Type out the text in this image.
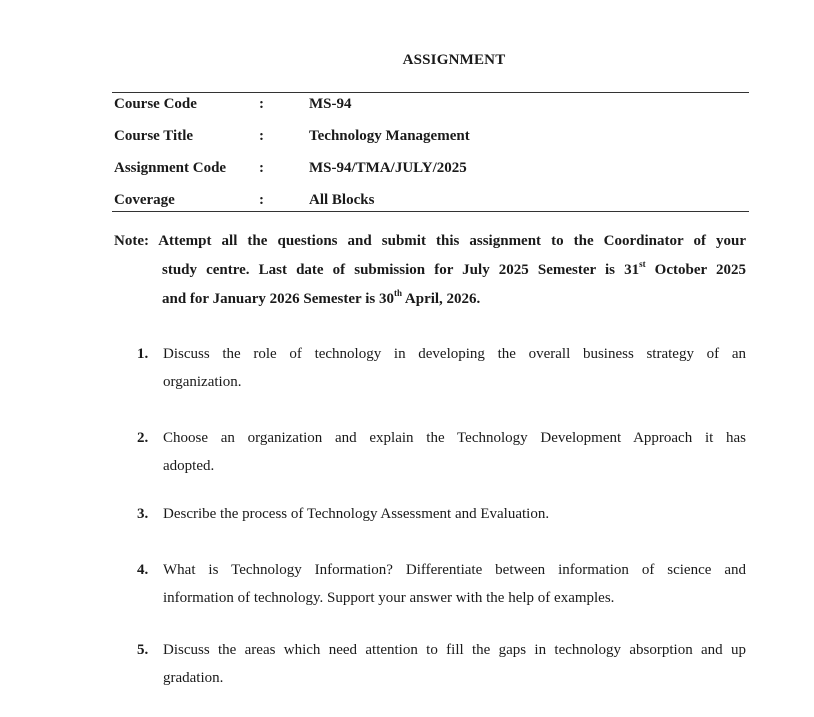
ASSIGNMENT
Course Code	:	MS-94
Course Title	:	Technology Management
Assignment Code :	MS-94/TMA/JULY/2025
Coverage	:	All Blocks
Note: Attempt all the questions and submit this assignment to the Coordinator of your
study centre. Last date of submission for July 2025 Semester is 31st October 2025
and for January 2026 Semester is 30th April, 2026.
1. Discuss the role of technology in developing the overall business strategy of an
organization.
2. Choose an organization and explain the Technology Development Approach it has
adopted.
3. Describe the process of Technology Assessment and Evaluation.
4. What is Technology Information? Differentiate between information of science and
information of technology. Support your answer with the help of examples.
5. Discuss the areas which need attention to fill the gaps in technology absorption and up
gradation.
